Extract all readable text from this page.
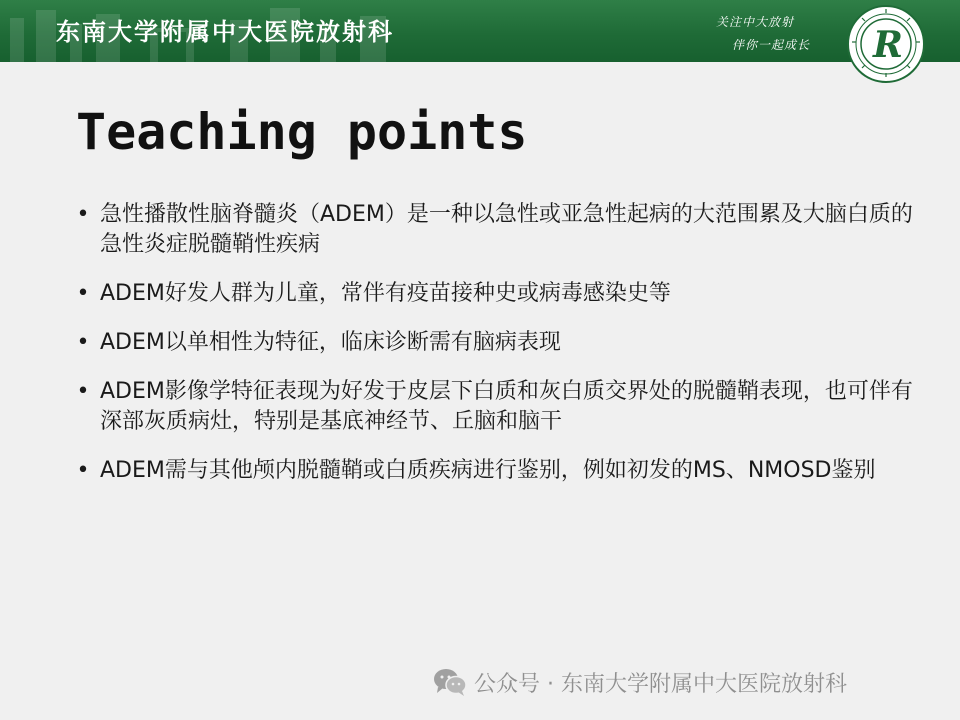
东南大学附属中大医院放射科	关注中大放射
伴你一起成长 R
Teaching points
• 急性播散性脑脊髓炎（ADEM）是一种以急性或亚急性起病的大范围累及大脑白质的急性炎症脱髓鞘性疾病
• ADEM好发人群为儿童，常伴有疫苗接种史或病毒感染史等
• ADEM以单相性为特征，临床诊断需有脑病表现
• ADEM影像学特征表现为好发于皮层下白质和灰白质交界处的脱髓鞘表现，也可伴有深部灰质病灶，特别是基底神经节、丘脑和脑干
• ADEM需与其他颅内脱髓鞘或白质疾病进行鉴别，例如初发的MS、NMOSD鉴别
公众号 · 东南大学附属中大医院放射科
